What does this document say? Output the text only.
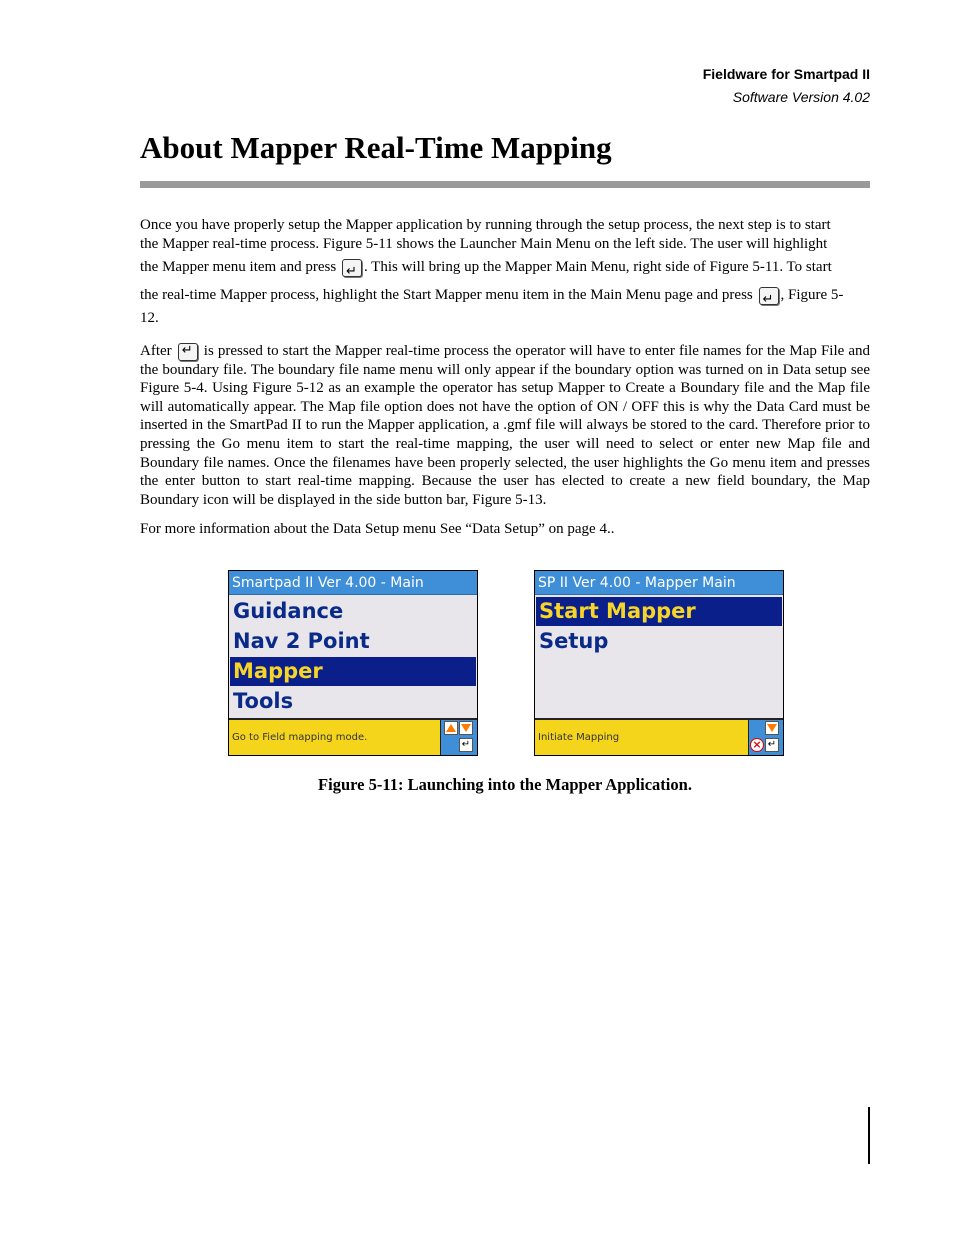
Fieldware for Smartpad II
Software Version 4.02
About Mapper Real-Time Mapping
Once you have properly setup the Mapper application by running through the setup process, the next step is to start
the Mapper real-time process. Figure 5-11 shows the Launcher Main Menu on the left side. The user will highlight
the Mapper menu item and press ↵. This will bring up the Mapper Main Menu, right side of Figure 5-11. To start
the real-time Mapper process, highlight the Start Mapper menu item in the Main Menu page and press ↵, Figure 5-
12.
After ↵ is pressed to start the Mapper real-time process the operator will have to enter file names for the Map File and the boundary file. The boundary file name menu will only appear if the boundary option was turned on in Data setup see Figure 5-4. Using Figure 5-12 as an example the operator has setup Mapper to Create a Boundary file and the Map file will automatically appear. The Map file option does not have the option of ON / OFF this is why the Data Card must be inserted in the SmartPad II to run the Mapper application, a .gmf file will always be stored to the card. Therefore prior to pressing the Go menu item to start the real-time mapping, the user will need to select or enter new Map file and Boundary file names. Once the filenames have been properly selected, the user highlights the Go menu item and presses the enter button to start real-time mapping. Because the user has elected to create a new field boundary, the Map Boundary icon will be displayed in the side button bar, Figure 5-13.
For more information about the Data Setup menu See “Data Setup” on page 4..
Smartpad II Ver 4.00 - Main
Guidance
Nav 2 Point
Mapper
Tools
Go to Field mapping mode.
↵
SP II Ver 4.00 - Mapper Main
Start Mapper
Setup
Initiate Mapping
× ↵
Figure 5-11: Launching into the Mapper Application.
